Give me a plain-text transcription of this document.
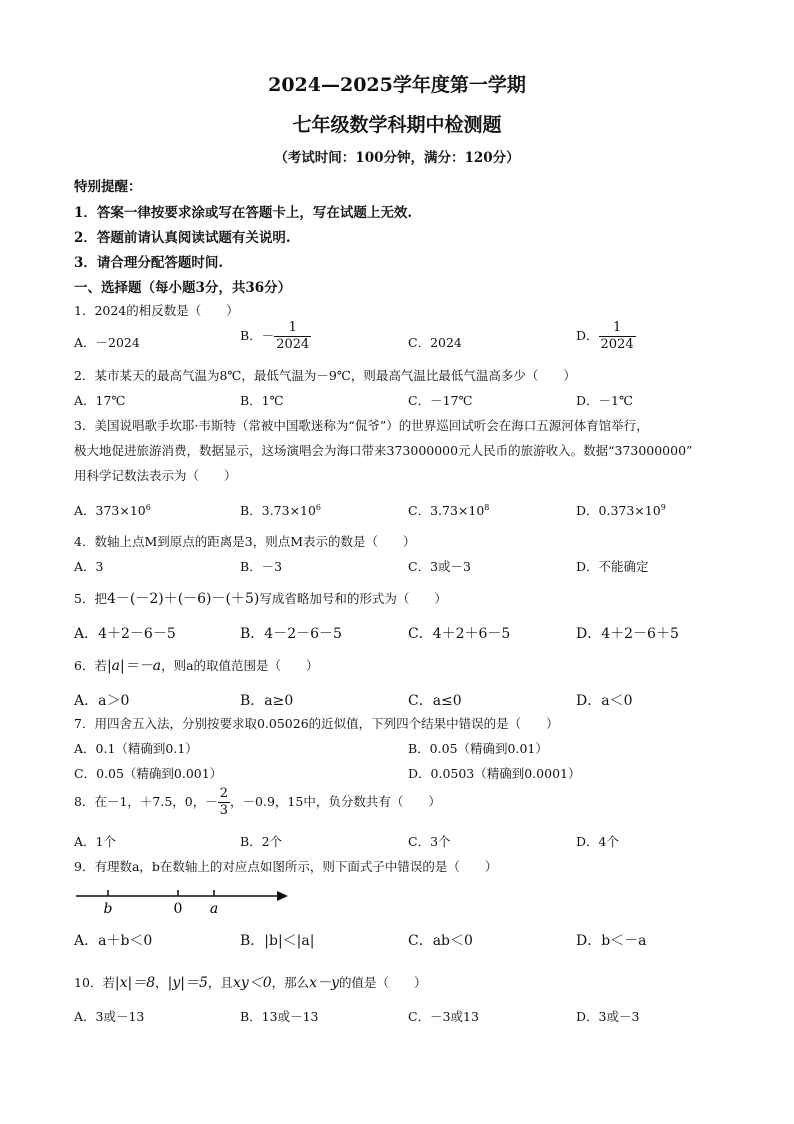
2024—2025学年度第一学期
七年级数学科期中检测题
（考试时间：100分钟，满分：120分）
特别提醒：
1．答案一律按要求涂或写在答题卡上，写在试题上无效.
2．答题前请认真阅读试题有关说明.
3．请合理分配答题时间.
一、选择题（每小题3分，共36分）
1．2024的相反数是（　　）
A．－2024	B．－ $\frac{1}{2024}$	C．2024	D． $\frac{1}{2024}$
2．某市某天的最高气温为8℃，最低气温为－9℃，则最高气温比最低气温高多少（　　）
A．17℃	B．1℃	C．－17℃	D．－1℃
3．美国说唱歌手坎耶·韦斯特（常被中国歌迷称为“侃爷”）的世界巡回试听会在海口五源河体育馆举行，
极大地促进旅游消费，数据显示，这场演唱会为海口带来373000000元人民币的旅游收入。数据“373000000”
用科学记数法表示为（　　）
A．$373\times 10^6$	B．$3.73\times 10^6$	C．$3.73\times 10^8$	D．$0.373\times 10^9$
4．数轴上点M到原点的距离是3，则点M表示的数是（　　）
A．3	B．－3	C．3或－3	D．不能确定
5．把4－(－2)＋(－6)－(＋5)写成省略加号和的形式为（　　）
A．4＋2－6－5	B．4－2－6－5	C．4＋2＋6－5	D．4＋2－6＋5
6．若|a|＝－a，则a的取值范围是（　　）
A．a＞0	B．a≥0	C．a≤0	D．a＜0
7．用四舍五入法，分别按要求取0.05026的近似值，下列四个结果中错误的是（　　）
A．0.1（精确到0.1）	B．0.05（精确到0.01）
C．0.05（精确到0.001）	D．0.0503（精确到0.0001）
8．在－1，＋7.5，0，－ $\frac{2}{3}$ ，－0.9，15中，负分数共有（　　）
A．1个	B．2个	C．3个	D．4个
9．有理数a，b在数轴上的对应点如图所示，则下面式子中错误的是（　　）
b	0 a
A．a＋b＜0	B．|b|＜|a|	C．ab＜0	D．b＜－a
10．若|x|＝8，|y|＝5，且xy＜0，那么x－y的值是（　　）
A．3或－13	B．13或－13	C．－3或13	D．3或－3
